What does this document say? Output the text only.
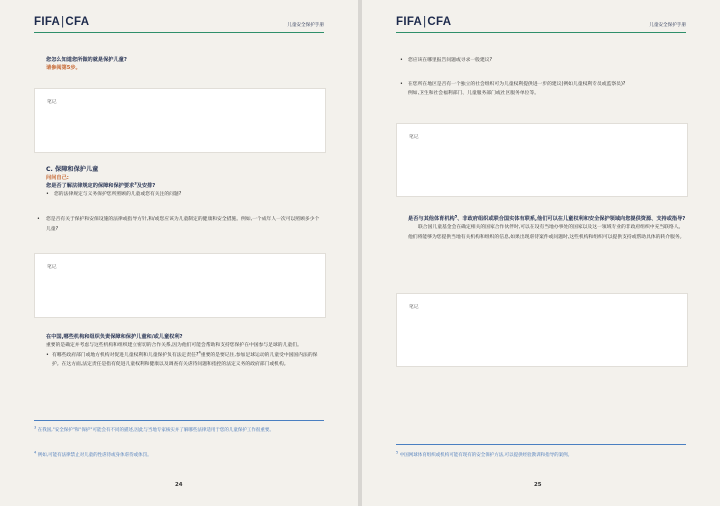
FIFA|CFA	儿童安全保护手册
您怎么知道您所做的就是保护儿童?
请参阅第5步。
笔记
C. 保障和保护儿童
问问自己:
您是否了解法律规定的保障和保护要求$^3$及安排?
• 您的法律规定与义务保护您所照顾的儿童或您有关注的问题?
• 您是否有关于保护和安保设施的法律或指导方针,和/或您应该为儿童制定的健康和安全措施。例如,一个成年人一次可以照顾多少个儿童?
笔记
在中国,哪些机构和组织负责保障和保护儿童和/或儿童权利?
重要的是确定并考虑与这些机构和组织建立密切的合作关系,因为他们可能会帮助和支持您保护在中国参与足球的儿童们。
• 有哪些政府部门或地方机构对促进儿童权利和儿童保护负有法定责任?$^4$重要的是要记住,参加足球运动的儿童受中国国内法的保护。在这方面,法定责任是指有促进儿童权利和健康以及调查有关虐待问题和指控的法定义务的政府部门或机构。
$^3$ 在我国,"安全保护"和"保护"可能会有不同的描述,因此与当地专家核实并了解哪些法律适用于您的儿童保护工作很重要。
$^4$ 例如,可能有法律禁止对儿童的性虐待或身体虐待或体罚。
24
FIFA|CFA	儿童安全保护手册
• 您应该在哪里报告问题或寻求一般建议?
• 在您所在地区是否有一个独立的社会组织可为儿童权利提供进一步的建议(例如儿童权利专员或监察员)?
例如,卫生和社会福利部门、儿童服务部门或社区服务单位等。
笔记
是否与其他体育机构$^5$、非政府组织或联合国实体有联系,他们可以在儿童权利和安全保护领域向您提供资源、支持或指导?
联合国儿童基金会在确定相关的国家合作伙伴时,可以在设有当地办事处的国家以及这一领域专业的非政府组织中充当联络人。他们将能够为您提供当地有关机构和组织的信息,如果出现虐待案件或问题时,这些机构和组织可以提供支持或帮助具体的转介服务。
笔记
$^5$ 中国网球体育组织或机构可能有现有的安全保护方法,可以提供经验教训和指导的案例。
25
